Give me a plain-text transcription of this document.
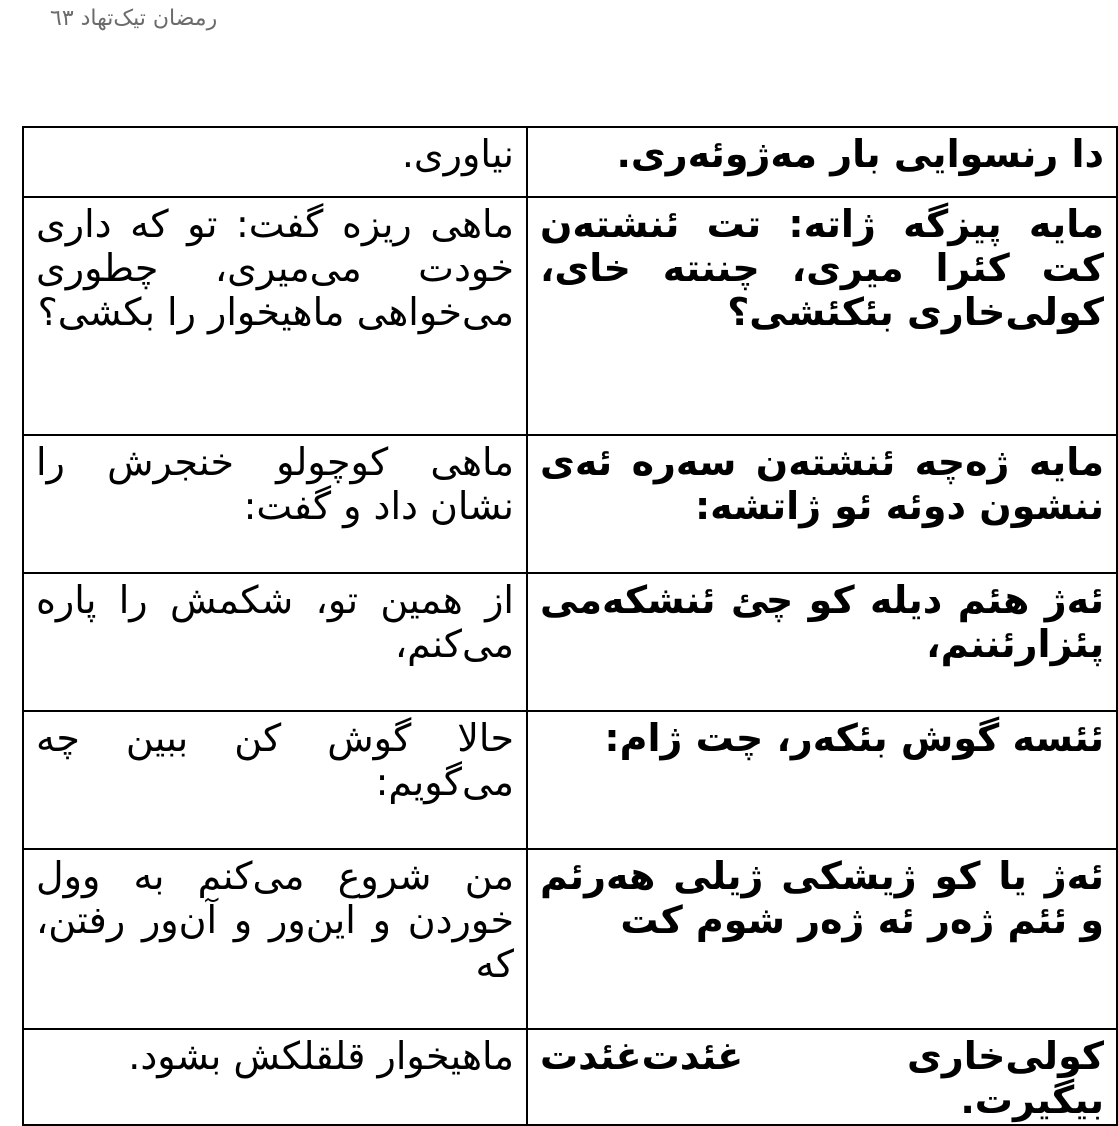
رمضان تیک‌تهاد ٦٣
نیاوری.	دا رنسوایی بار مەژوئەری.
ماهی ریزه گفت: تو که داری خودت می‌میری، چطوری می‌خواهی ماهیخوار را بکشی؟	مایە پیزگە ژاتە: تت ئنشتەن کت کئرا میری، چننتە خای، کولی‌خاری بئکئشی؟
ماهی کوچولو خنجرش را نشان داد و گفت:	مایە ژەچە ئنشتەن سەرە ئەی ننشون دوئە ئو ژاتشە:
از همین تو، شکمش را پاره می‌کنم،	ئەژ هئم دیلە کو چئ ئنشکەمی پئزارئننم،
حالا گوش کن ببین چه می‌گویم:	ئئسە گوش بئکەر، چت ژام:
من شروع می‌کنم به وول خوردن و این‌ور و آن‌ور رفتن، که	ئەژ یا کو ژیشکی ژیلی هەرئم و ئئم ژەر ئە ژەر شوم کت
ماهیخوار قلقلکش بشود.	کولی‌خاری غئدت‌غئدت بیگیرت.
